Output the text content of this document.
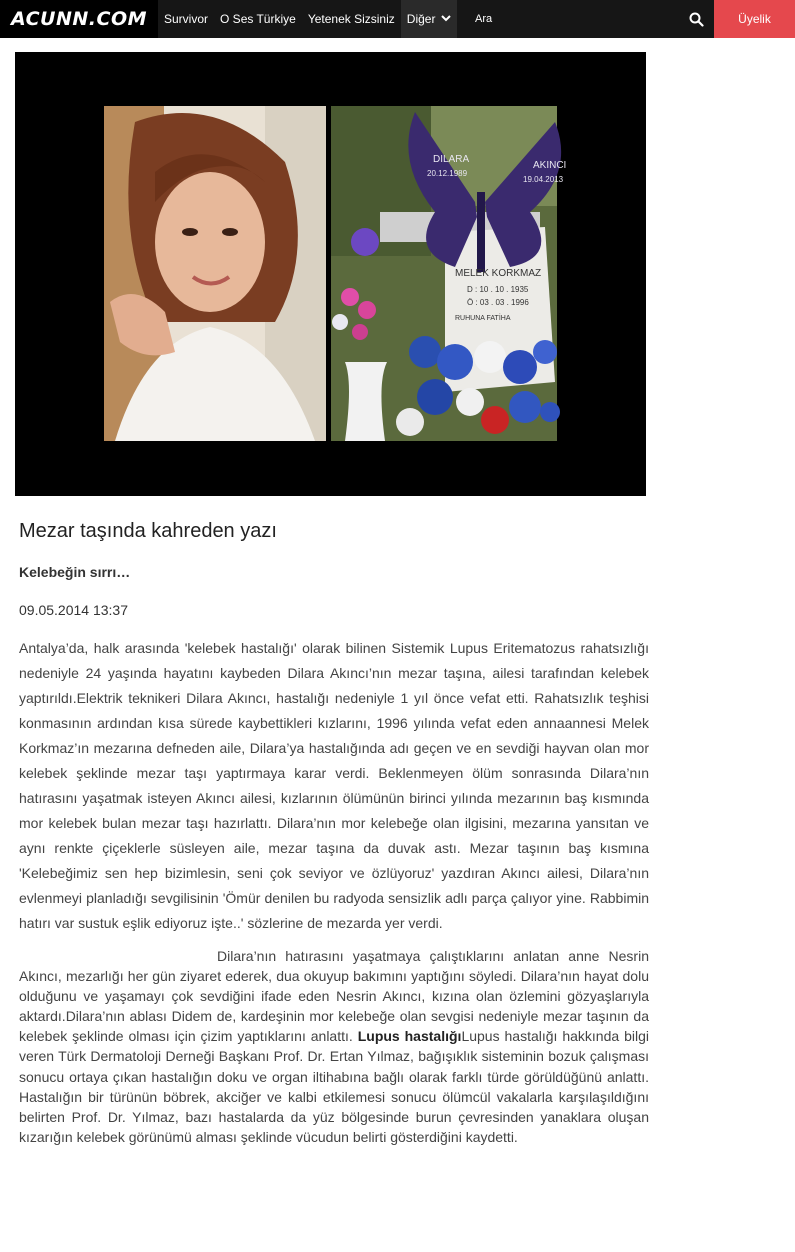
ACUNN.COM	Survivor	O Ses Türkiye	Yetenek Sizsiniz	Diğer
Ara	Üyelik
DILARA
20.12.1989
AKINCI
19.04.2013
MELEK KORKMAZ
D : 10 . 10 . 1935
Ö : 03 . 03 . 1996
RUHUNA FATİHA
Mezar taşında kahreden yazı

Kelebeğin sırrı…

09.05.2014 13:37

Antalya’da, halk arasında 'kelebek hastalığı' olarak bilinen Sistemik Lupus Eritematozus rahatsızlığı nedeniyle 24 yaşında hayatını kaybeden Dilara Akıncı’nın mezar taşına, ailesi tarafından kelebek yaptırıldı.Elektrik teknikeri Dilara Akıncı, hastalığı nedeniyle 1 yıl önce vefat etti. Rahatsızlık teşhisi konmasının ardından kısa sürede kaybettikleri kızlarını, 1996 yılında vefat eden annaannesi Melek Korkmaz’ın mezarına defneden aile, Dilara’ya hastalığında adı geçen ve en sevdiği hayvan olan mor kelebek şeklinde mezar taşı yaptırmaya karar verdi. Beklenmeyen ölüm sonrasında Dilara’nın hatırasını yaşatmak isteyen Akıncı ailesi, kızlarının ölümünün birinci yılında mezarının baş kısmında mor kelebek bulan mezar taşı hazırlattı. Dilara’nın mor kelebeğe olan ilgisini, mezarına yansıtan ve aynı renkte çiçeklerle süsleyen aile, mezar taşına da duvak astı. Mezar taşının baş kısmına 'Kelebeğimiz sen hep bizimlesin, seni çok seviyor ve özlüyoruz' yazdıran Akıncı ailesi, Dilara’nın evlenmeyi planladığı sevgilisinin 'Ömür denilen bu radyoda sensizlik adlı parça çalıyor yine. Rabbimin hatırı var sustuk eşlik ediyoruz işte..' sözlerine de mezarda yer verdi.

Dilara’nın hatırasını yaşatmaya çalıştıklarını anlatan anne Nesrin Akıncı, mezarlığı her gün ziyaret ederek, dua okuyup bakımını yaptığını söyledi. Dilara’nın hayat dolu olduğunu ve yaşamayı çok sevdiğini ifade eden Nesrin Akıncı, kızına olan özlemini gözyaşlarıyla aktardı.Dilara’nın ablası Didem de, kardeşinin mor kelebeğe olan sevgisi nedeniyle mezar taşının da kelebek şeklinde olması için çizim yaptıklarını anlattı. Lupus hastalığıLupus hastalığı hakkında bilgi veren Türk Dermatoloji Derneği Başkanı Prof. Dr. Ertan Yılmaz, bağışıklık sisteminin bozuk çalışması sonucu ortaya çıkan hastalığın doku ve organ iltihabına bağlı olarak farklı türde görüldüğünü anlattı. Hastalığın bir türünün böbrek, akciğer ve kalbi etkilemesi sonucu ölümcül vakalarla karşılaşıldığını belirten Prof. Dr. Yılmaz, bazı hastalarda da yüz bölgesinde burun çevresinden yanaklara oluşan kızarığın kelebek görünümü alması şeklinde vücudun belirti gösterdiğini kaydetti.
